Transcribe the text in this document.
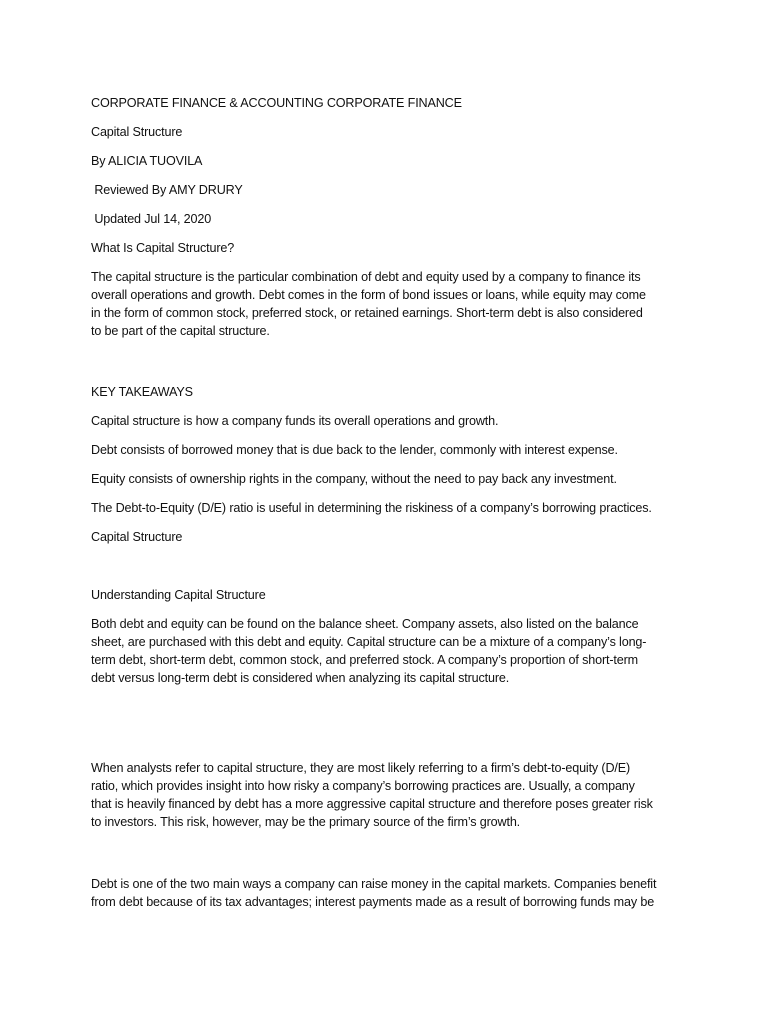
CORPORATE FINANCE & ACCOUNTING CORPORATE FINANCE

Capital Structure

By ALICIA TUOVILA

Reviewed By AMY DRURY

Updated Jul 14, 2020

What Is Capital Structure?

The capital structure is the particular combination of debt and equity used by a company to finance its
overall operations and growth. Debt comes in the form of bond issues or loans, while equity may come
in the form of common stock, preferred stock, or retained earnings. Short-term debt is also considered
to be part of the capital structure.

KEY TAKEAWAYS

Capital structure is how a company funds its overall operations and growth.

Debt consists of borrowed money that is due back to the lender, commonly with interest expense.

Equity consists of ownership rights in the company, without the need to pay back any investment.

The Debt-to-Equity (D/E) ratio is useful in determining the riskiness of a company’s borrowing practices.

Capital Structure

Understanding Capital Structure

Both debt and equity can be found on the balance sheet. Company assets, also listed on the balance
sheet, are purchased with this debt and equity. Capital structure can be a mixture of a company’s long-
term debt, short-term debt, common stock, and preferred stock. A company’s proportion of short-term
debt versus long-term debt is considered when analyzing its capital structure.
When analysts refer to capital structure, they are most likely referring to a firm’s debt-to-equity (D/E)
ratio, which provides insight into how risky a company’s borrowing practices are. Usually, a company
that is heavily financed by debt has a more aggressive capital structure and therefore poses greater risk
to investors. This risk, however, may be the primary source of the firm’s growth.
Debt is one of the two main ways a company can raise money in the capital markets. Companies benefit
from debt because of its tax advantages; interest payments made as a result of borrowing funds may be
